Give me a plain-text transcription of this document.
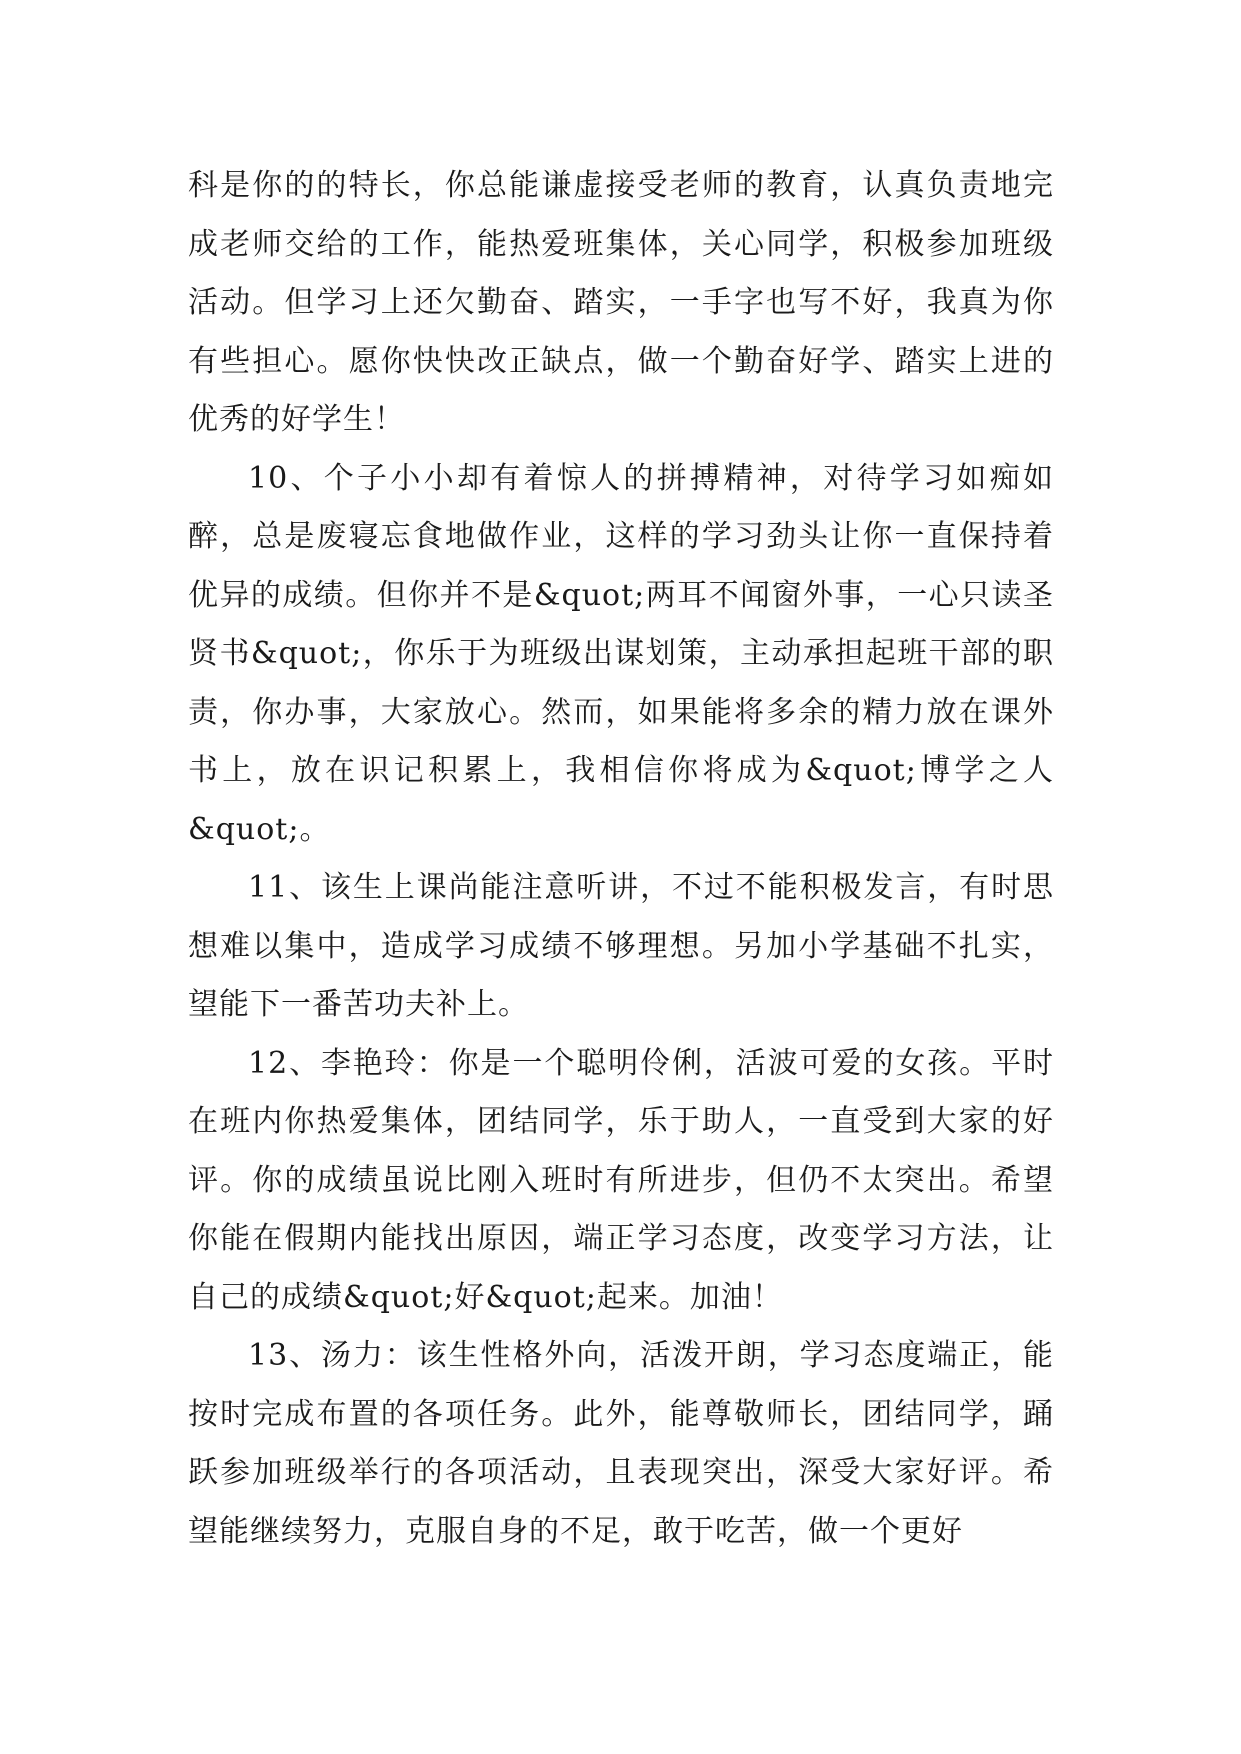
科是你的的特长，你总能谦虚接受老师的教育，认真负责地完成老师交给的工作，能热爱班集体，关心同学，积极参加班级活动。但学习上还欠勤奋、踏实，一手字也写不好，我真为你有些担心。愿你快快改正缺点，做一个勤奋好学、踏实上进的优秀的好学生！

10、个子小小却有着惊人的拼搏精神，对待学习如痴如醉，总是废寝忘食地做作业，这样的学习劲头让你一直保持着优异的成绩。但你并不是&quot;两耳不闻窗外事，一心只读圣贤书&quot;，你乐于为班级出谋划策，主动承担起班干部的职责，你办事，大家放心。然而，如果能将多余的精力放在课外书上，放在识记积累上，我相信你将成为&quot;博学之人&quot;。

11、该生上课尚能注意听讲，不过不能积极发言，有时思想难以集中，造成学习成绩不够理想。另加小学基础不扎实，望能下一番苦功夫补上。

12、李艳玲：你是一个聪明伶俐，活波可爱的女孩。平时在班内你热爱集体，团结同学，乐于助人，一直受到大家的好评。你的成绩虽说比刚入班时有所进步，但仍不太突出。希望你能在假期内能找出原因，端正学习态度，改变学习方法，让自己的成绩&quot;好&quot;起来。加油！

13、汤力：该生性格外向，活泼开朗，学习态度端正，能按时完成布置的各项任务。此外，能尊敬师长，团结同学，踊跃参加班级举行的各项活动，且表现突出，深受大家好评。希望能继续努力，克服自身的不足，敢于吃苦，做一个更好
